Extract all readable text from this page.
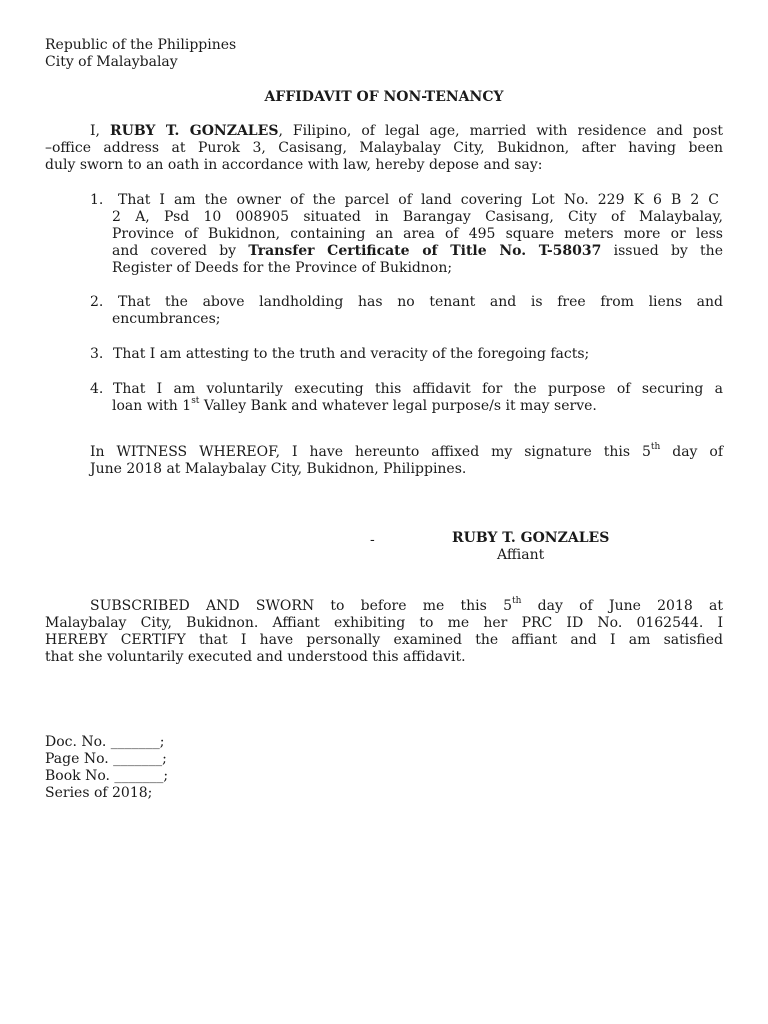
Republic of the Philippines
City of Malaybalay
AFFIDAVIT OF NON-TENANCY
I, RUBY T. GONZALES, Filipino, of legal age, married with residence and post
–office address at Purok 3, Casisang, Malaybalay City, Bukidnon, after having been
duly sworn to an oath in accordance with law, hereby depose and say:
1. That I am the owner of the parcel of land covering Lot No. 229 K 6 B 2 C
2 A, Psd 10 008905 situated in Barangay Casisang, City of Malaybalay,
Province of Bukidnon, containing an area of 495 square meters more or less
and covered by Transfer Certificate of Title No. T-58037 issued by the
Register of Deeds for the Province of Bukidnon;
2. That the above landholding has no tenant and is free from liens and
encumbrances;
3. That I am attesting to the truth and veracity of the foregoing facts;
4. That I am voluntarily executing this affidavit for the purpose of securing a
loan with 1st Valley Bank and whatever legal purpose/s it may serve.
In WITNESS WHEREOF, I have hereunto affixed my signature this 5th day of
June 2018 at Malaybalay City, Bukidnon, Philippines.
-	RUBY T. GONZALES
Affiant
SUBSCRIBED AND SWORN to before me this 5th day of June 2018 at
Malaybalay City, Bukidnon. Affiant exhibiting to me her PRC ID No. 0162544. I
HEREBY CERTIFY that I have personally examined the affiant and I am satisfied
that she voluntarily executed and understood this affidavit.
Doc. No. _______;
Page No. _______;
Book No. _______;
Series of 2018;
